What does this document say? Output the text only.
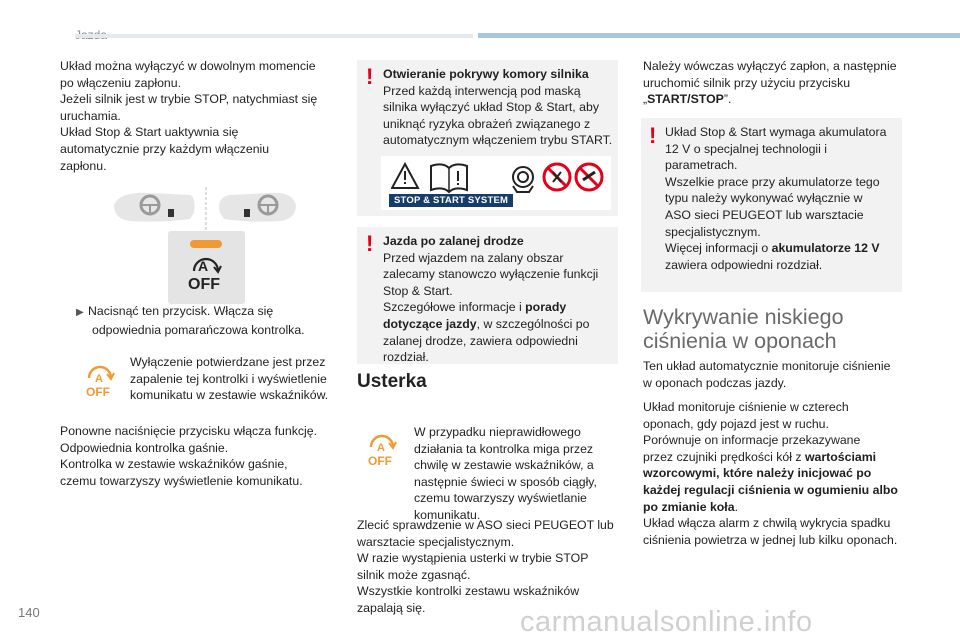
Układ można wyłączyć w dowolnym momencie

po włączeniu zapłonu.

Jeżeli silnik jest w trybie STOP, natychmiast się

uruchamia.

Układ Stop & Start uaktywnia się

automatycznie przy każdym włączeniu

zapłonu.

A
OFF

▶ Nacisnąć ten przycisk. Włącza się

odpowiednia pomarańczowa kontrolka.

A
OFF

Wyłączenie potwierdzane jest przez

zapalenie tej kontrolki i wyświetlenie

komunikatu w zestawie wskaźników.

Ponowne naciśnięcie przycisku włącza funkcję.

Odpowiednia kontrolka gaśnie.

Kontrolka w zestawie wskaźników gaśnie,

czemu towarzyszy wyświetlenie komunikatu.

! Otwieranie pokrywy komory silnika

Przed każdą interwencją pod maską

silnika wyłączyć układ Stop & Start, aby

uniknąć ryzyka obrażeń związanego z

automatycznym włączeniem trybu START.

STOP & START SYSTEM
! Jazda po zalanej drodze

Przed wjazdem na zalany obszar

zalecamy stanowczo wyłączenie funkcji

Stop & Start.

Szczegółowe informacje i porady

dotyczące jazdy, w szczególności po

zalanej drodze, zawiera odpowiedni

rozdział.

Usterka
A
OFF

W przypadku nieprawidłowego

działania ta kontrolka miga przez

chwilę w zestawie wskaźników, a

następnie świeci w sposób ciągły,

czemu towarzyszy wyświetlanie

komunikatu.

Zlecić sprawdzenie w ASO sieci PEUGEOT lub

warsztacie specjalistycznym.

W razie wystąpienia usterki w trybie STOP

silnik może zgasnąć.

Wszystkie kontrolki zestawu wskaźników

zapalają się.

Należy wówczas wyłączyć zapłon, a następnie

uruchomić silnik przy użyciu przycisku

„START/STOP”.

! Układ Stop & Start wymaga akumulatora

12 V o specjalnej technologii i

parametrach.

Wszelkie prace przy akumulatorze tego

typu należy wykonywać wyłącznie w

ASO sieci PEUGEOT lub warsztacie

specjalistycznym.

Więcej informacji o akumulatorze 12 V

zawiera odpowiedni rozdział.

Wykrywanie niskiego
ciśnienia w oponach

Ten układ automatycznie monitoruje ciśnienie

w oponach podczas jazdy.

Układ monitoruje ciśnienie w czterech

oponach, gdy pojazd jest w ruchu.

Porównuje on informacje przekazywane

przez czujniki prędkości kół z wartościami

wzorcowymi, które należy inicjować po

każdej regulacji ciśnienia w ogumieniu albo

po zmianie koła.

Układ włącza alarm z chwilą wykrycia spadku

ciśnienia powietrza w jednej lub kilku oponach.

140	carmanualsonline.info
